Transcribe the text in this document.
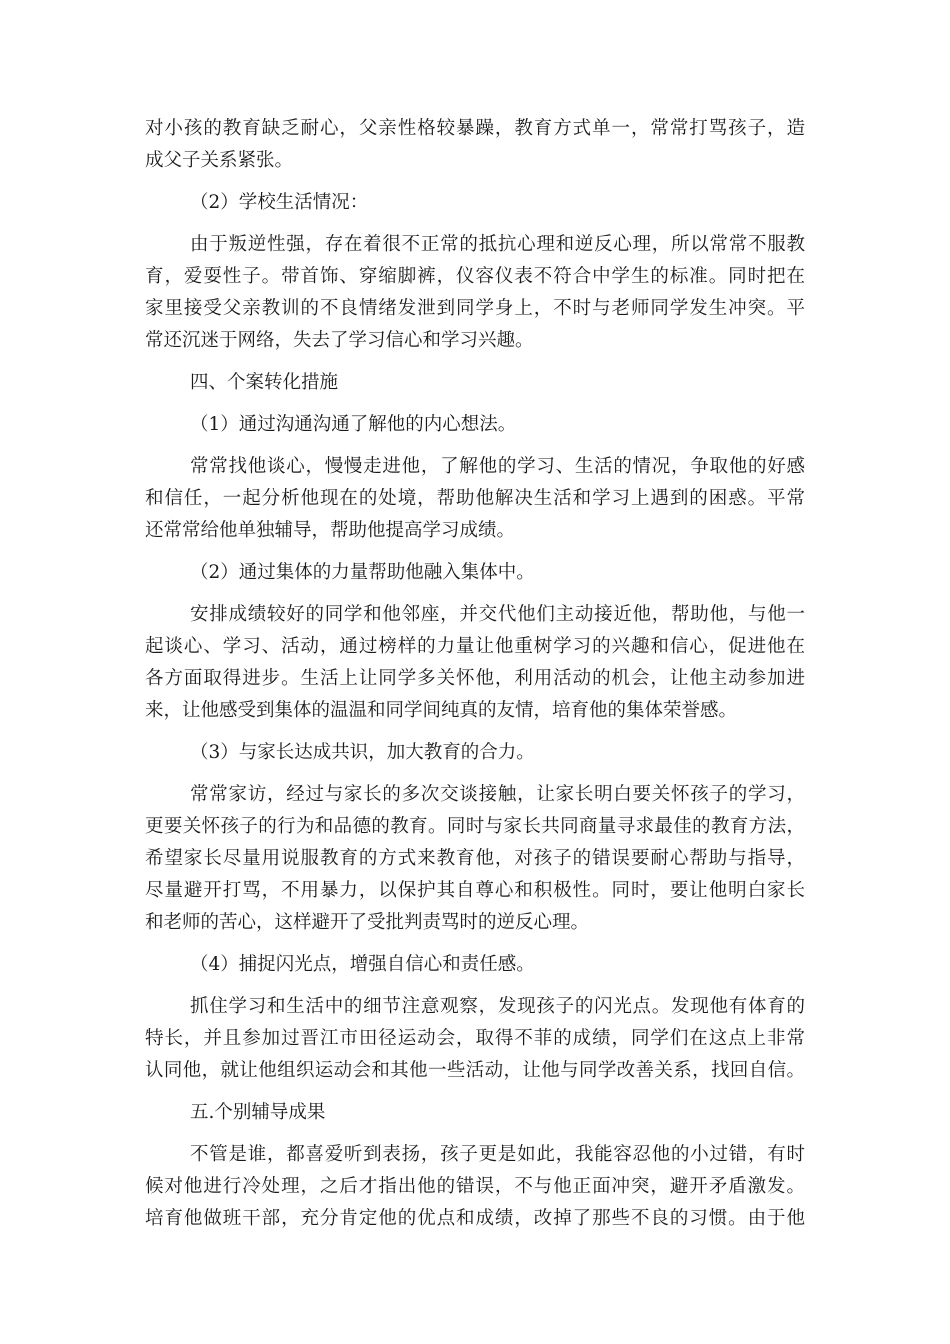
对小孩的教育缺乏耐心，父亲性格较暴躁，教育方式单一，常常打骂孩子，造
成父子关系紧张。
（2）学校生活情况：
由于叛逆性强，存在着很不正常的抵抗心理和逆反心理，所以常常不服教
育，爱耍性子。带首饰、穿缩脚裤，仪容仪表不符合中学生的标准。同时把在
家里接受父亲教训的不良情绪发泄到同学身上，不时与老师同学发生冲突。平
常还沉迷于网络，失去了学习信心和学习兴趣。
四、个案转化措施
（1）通过沟通沟通了解他的内心想法。
常常找他谈心，慢慢走进他，了解他的学习、生活的情况，争取他的好感
和信任，一起分析他现在的处境，帮助他解决生活和学习上遇到的困惑。平常
还常常给他单独辅导，帮助他提高学习成绩。
（2）通过集体的力量帮助他融入集体中。
安排成绩较好的同学和他邻座，并交代他们主动接近他，帮助他，与他一
起谈心、学习、活动，通过榜样的力量让他重树学习的兴趣和信心，促进他在
各方面取得进步。生活上让同学多关怀他，利用活动的机会，让他主动参加进
来，让他感受到集体的温温和同学间纯真的友情，培育他的集体荣誉感。
（3）与家长达成共识，加大教育的合力。
常常家访，经过与家长的多次交谈接触，让家长明白要关怀孩子的学习，
更要关怀孩子的行为和品德的教育。同时与家长共同商量寻求最佳的教育方法，
希望家长尽量用说服教育的方式来教育他，对孩子的错误要耐心帮助与指导，
尽量避开打骂，不用暴力，以保护其自尊心和积极性。同时，要让他明白家长
和老师的苦心，这样避开了受批判责骂时的逆反心理。
（4）捕捉闪光点，增强自信心和责任感。
抓住学习和生活中的细节注意观察，发现孩子的闪光点。发现他有体育的
特长，并且参加过晋江市田径运动会，取得不菲的成绩，同学们在这点上非常
认同他，就让他组织运动会和其他一些活动，让他与同学改善关系，找回自信。
五.个别辅导成果
不管是谁，都喜爱听到表扬，孩子更是如此，我能容忍他的小过错，有时
候对他进行冷处理，之后才指出他的错误，不与他正面冲突，避开矛盾激发。
培育他做班干部，充分肯定他的优点和成绩，改掉了那些不良的习惯。由于他
